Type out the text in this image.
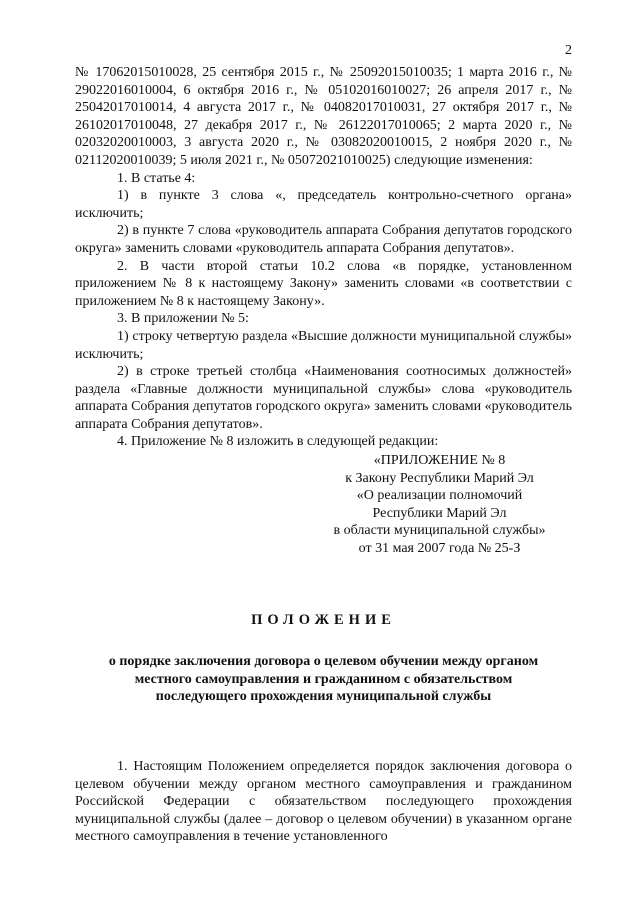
2

№ 17062015010028, 25 сентября 2015 г., № 25092015010035; 1 марта 2016 г., № 29022016010004, 6 октября 2016 г., № 05102016010027; 26 апреля 2017 г., № 25042017010014, 4 августа 2017 г., № 04082017010031, 27 октября 2017 г., № 26102017010048, 27 декабря 2017 г., № 26122017010065; 2 марта 2020 г., № 02032020010003, 3 августа 2020 г., № 03082020010015, 2 ноября 2020 г., № 02112020010039; 5 июля 2021 г., № 05072021010025) следующие изменения:

1. В статье 4:

1) в пункте 3 слова «, председатель контрольно-счетного органа» исключить;

2) в пункте 7 слова «руководитель аппарата Собрания депутатов городского округа» заменить словами «руководитель аппарата Собрания депутатов».

2. В части второй статьи 10.2 слова «в порядке, установленном приложением № 8 к настоящему Закону» заменить словами «в соответствии с приложением № 8 к настоящему Закону».

3. В приложении № 5:

1) строку четвертую раздела «Высшие должности муниципальной службы» исключить;

2) в строке третьей столбца «Наименования соотносимых должностей» раздела «Главные должности муниципальной службы» слова «руководитель аппарата Собрания депутатов городского округа» заменить словами «руководитель аппарата Собрания депутатов».

4. Приложение № 8 изложить в следующей редакции:

«ПРИЛОЖЕНИЕ № 8
к Закону Республики Марий Эл
«О реализации полномочий
Республики Марий Эл
в области муниципальной службы»
от 31 мая 2007 года № 25-З
ПОЛОЖЕНИЕ
о порядке заключения договора о целевом обучении между органом
местного самоуправления и гражданином с обязательством
последующего прохождения муниципальной службы

1. Настоящим Положением определяется порядок заключения договора о целевом обучении между органом местного самоуправления и гражданином Российской Федерации с обязательством последующего прохождения муниципальной службы (далее – договор о целевом обучении) в указанном органе местного самоуправления в течение установленного
